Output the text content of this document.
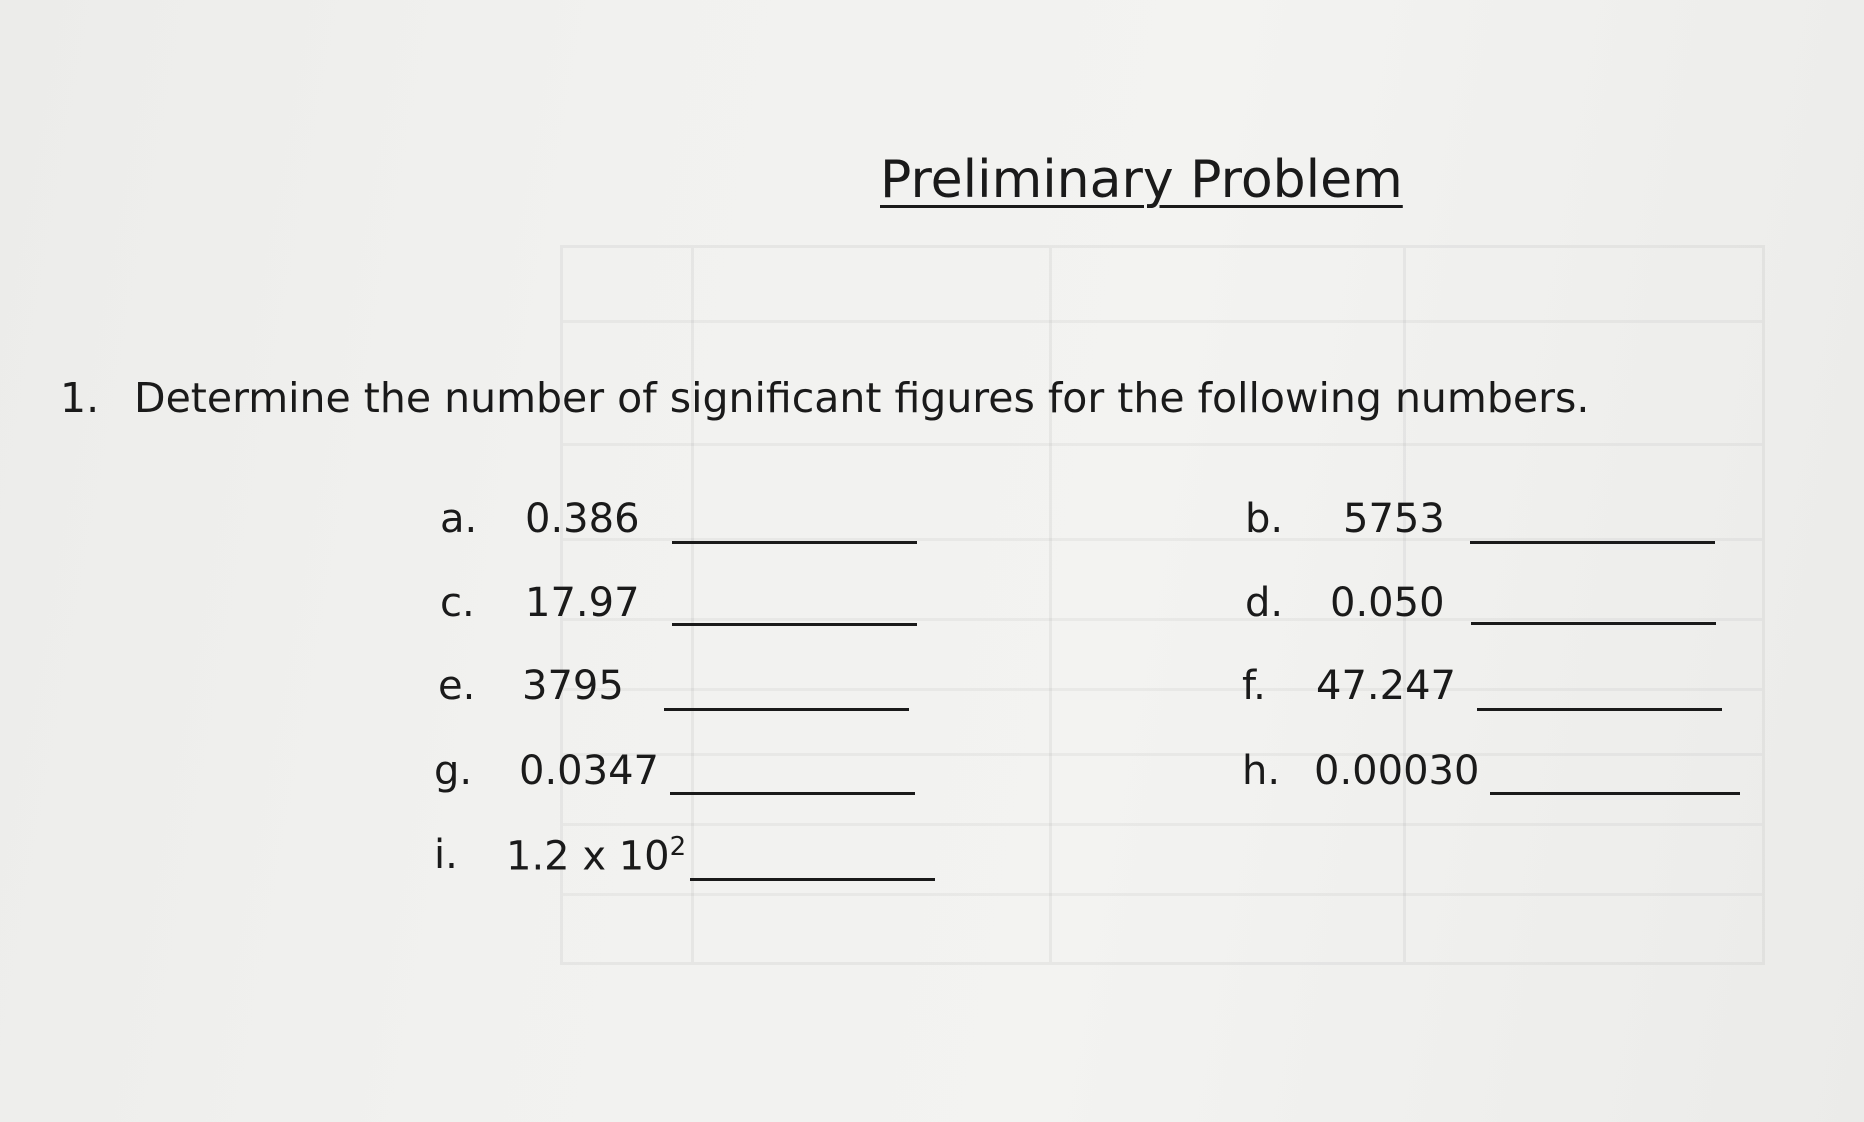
Preliminary Problem
1. Determine the number of significant figures for the following numbers.
a. 0.386	b. 5753
c. 17.97	d. 0.050
e. 3795	f. 47.247
g. 0.0347	h. 0.00030
i. 1.2 x $10^2$
